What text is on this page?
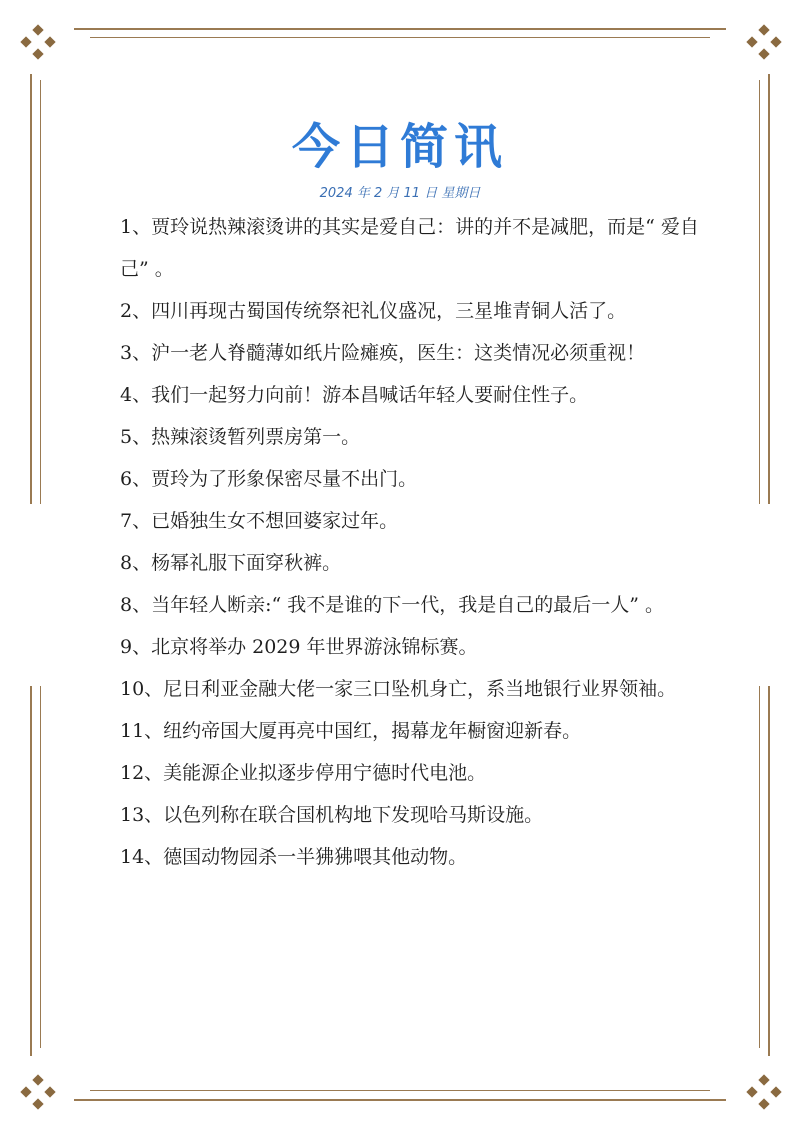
今日简讯
2024 年 2 月 11 日 星期日
1、贾玲说热辣滚烫讲的其实是爱自己：讲的并不是减肥，而是“ 爱自己” 。
2、四川再现古蜀国传统祭祀礼仪盛况，三星堆青铜人活了。
3、沪一老人脊髓薄如纸片险瘫痪，医生：这类情况必须重视！
4、我们一起努力向前！游本昌喊话年轻人要耐住性子。
5、热辣滚烫暂列票房第一。
6、贾玲为了形象保密尽量不出门。
7、已婚独生女不想回婆家过年。
8、杨幂礼服下面穿秋裤。
8、当年轻人断亲:“ 我不是谁的下一代，我是自己的最后一人” 。
9、北京将举办 2029 年世界游泳锦标赛。
10、尼日利亚金融大佬一家三口坠机身亡，系当地银行业界领袖。
11、纽约帝国大厦再亮中国红，揭幕龙年橱窗迎新春。
12、美能源企业拟逐步停用宁德时代电池。
13、以色列称在联合国机构地下发现哈马斯设施。
14、德国动物园杀一半狒狒喂其他动物。
